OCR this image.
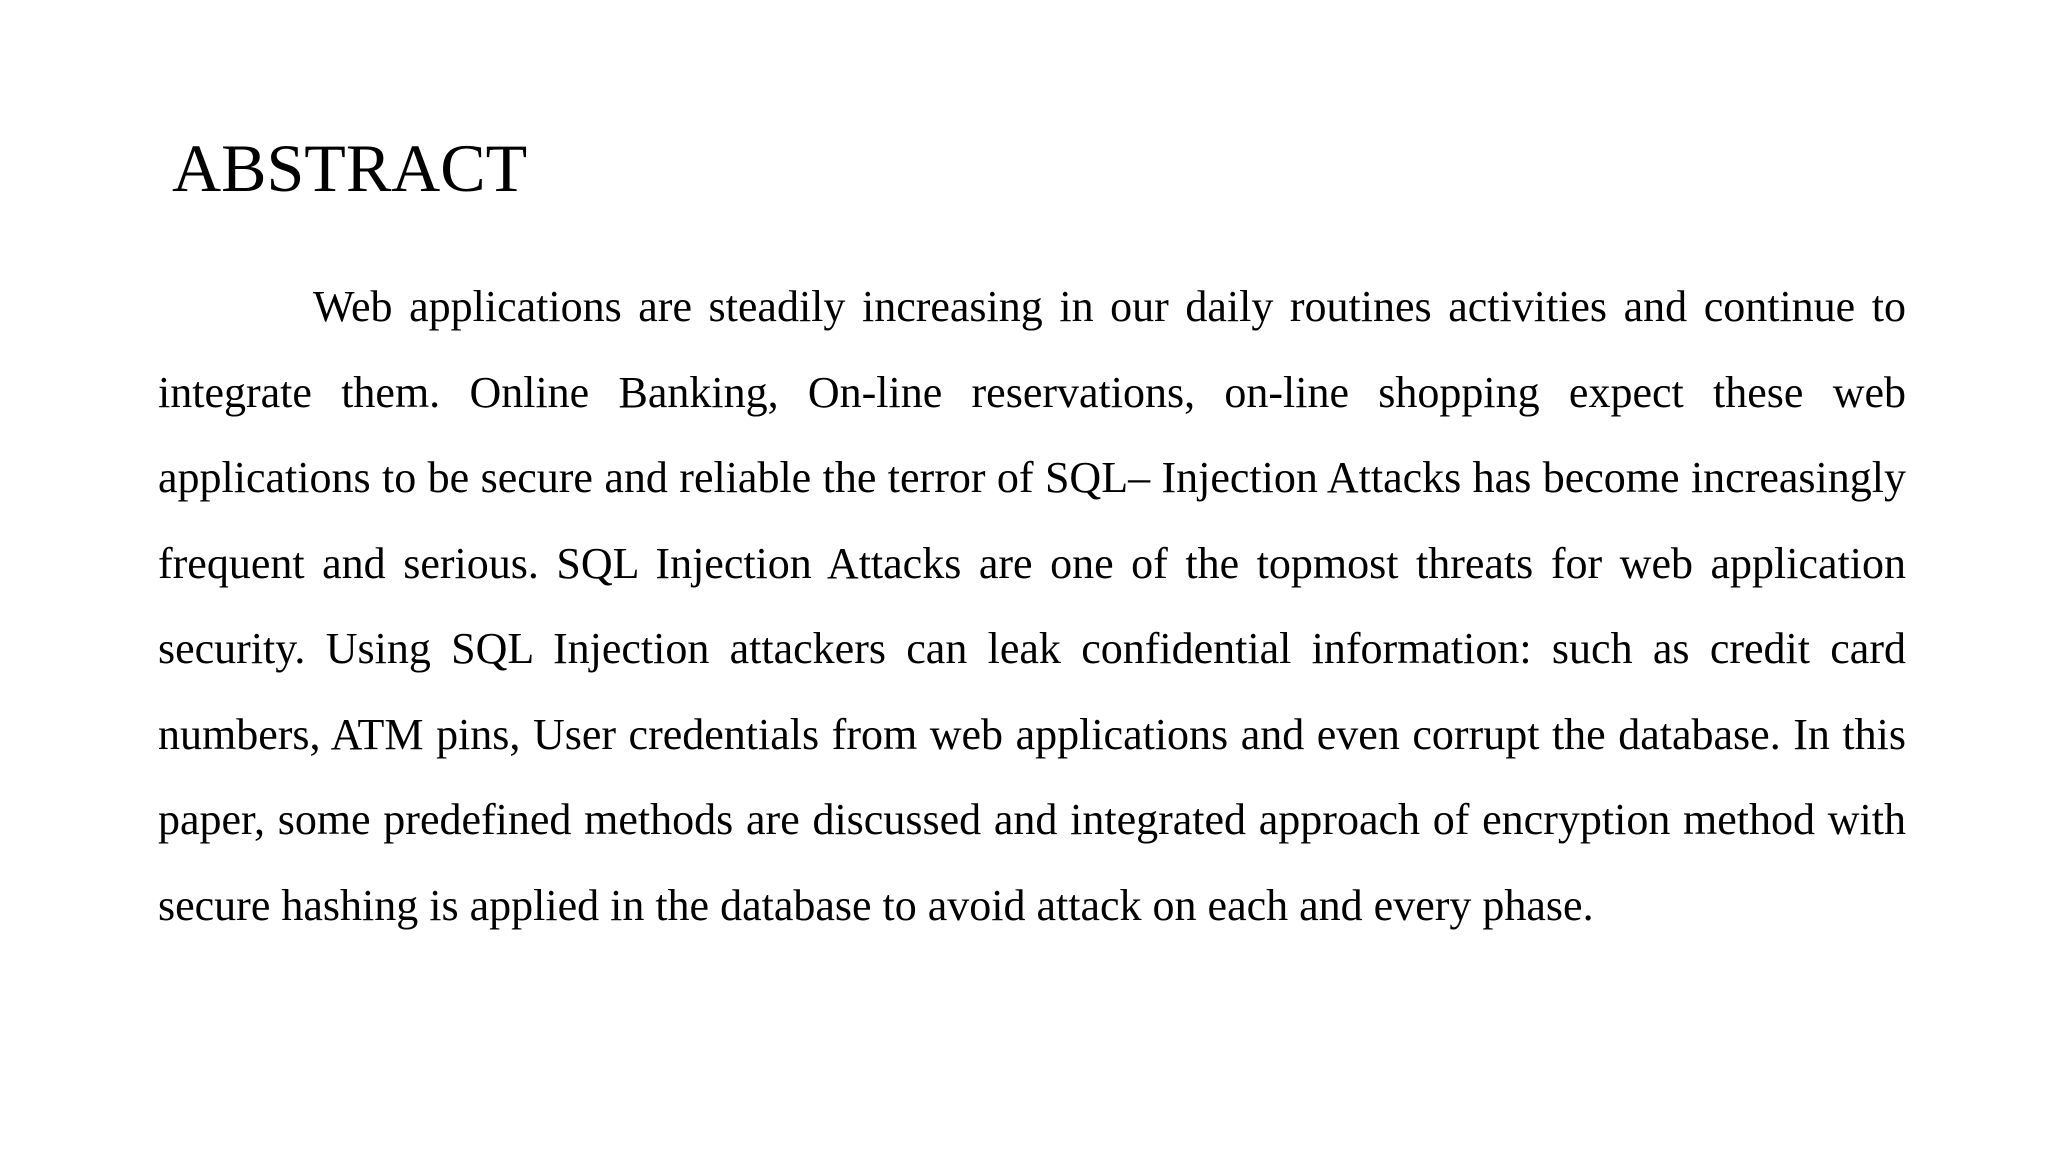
ABSTRACT

Web applications are steadily increasing in our daily routines activities and continue to integrate them. Online Banking, On-line reservations, on-line shopping expect these web applications to be secure and reliable the terror of SQL– Injection Attacks has become increasingly frequent and serious. SQL Injection Attacks are one of the topmost threats for web application security. Using SQL Injection attackers can leak confidential information: such as credit card numbers, ATM pins, User credentials from web applications and even corrupt the database. In this paper, some predefined methods are discussed and integrated approach of encryption method with secure hashing is applied in the database to avoid attack on each and every phase.
